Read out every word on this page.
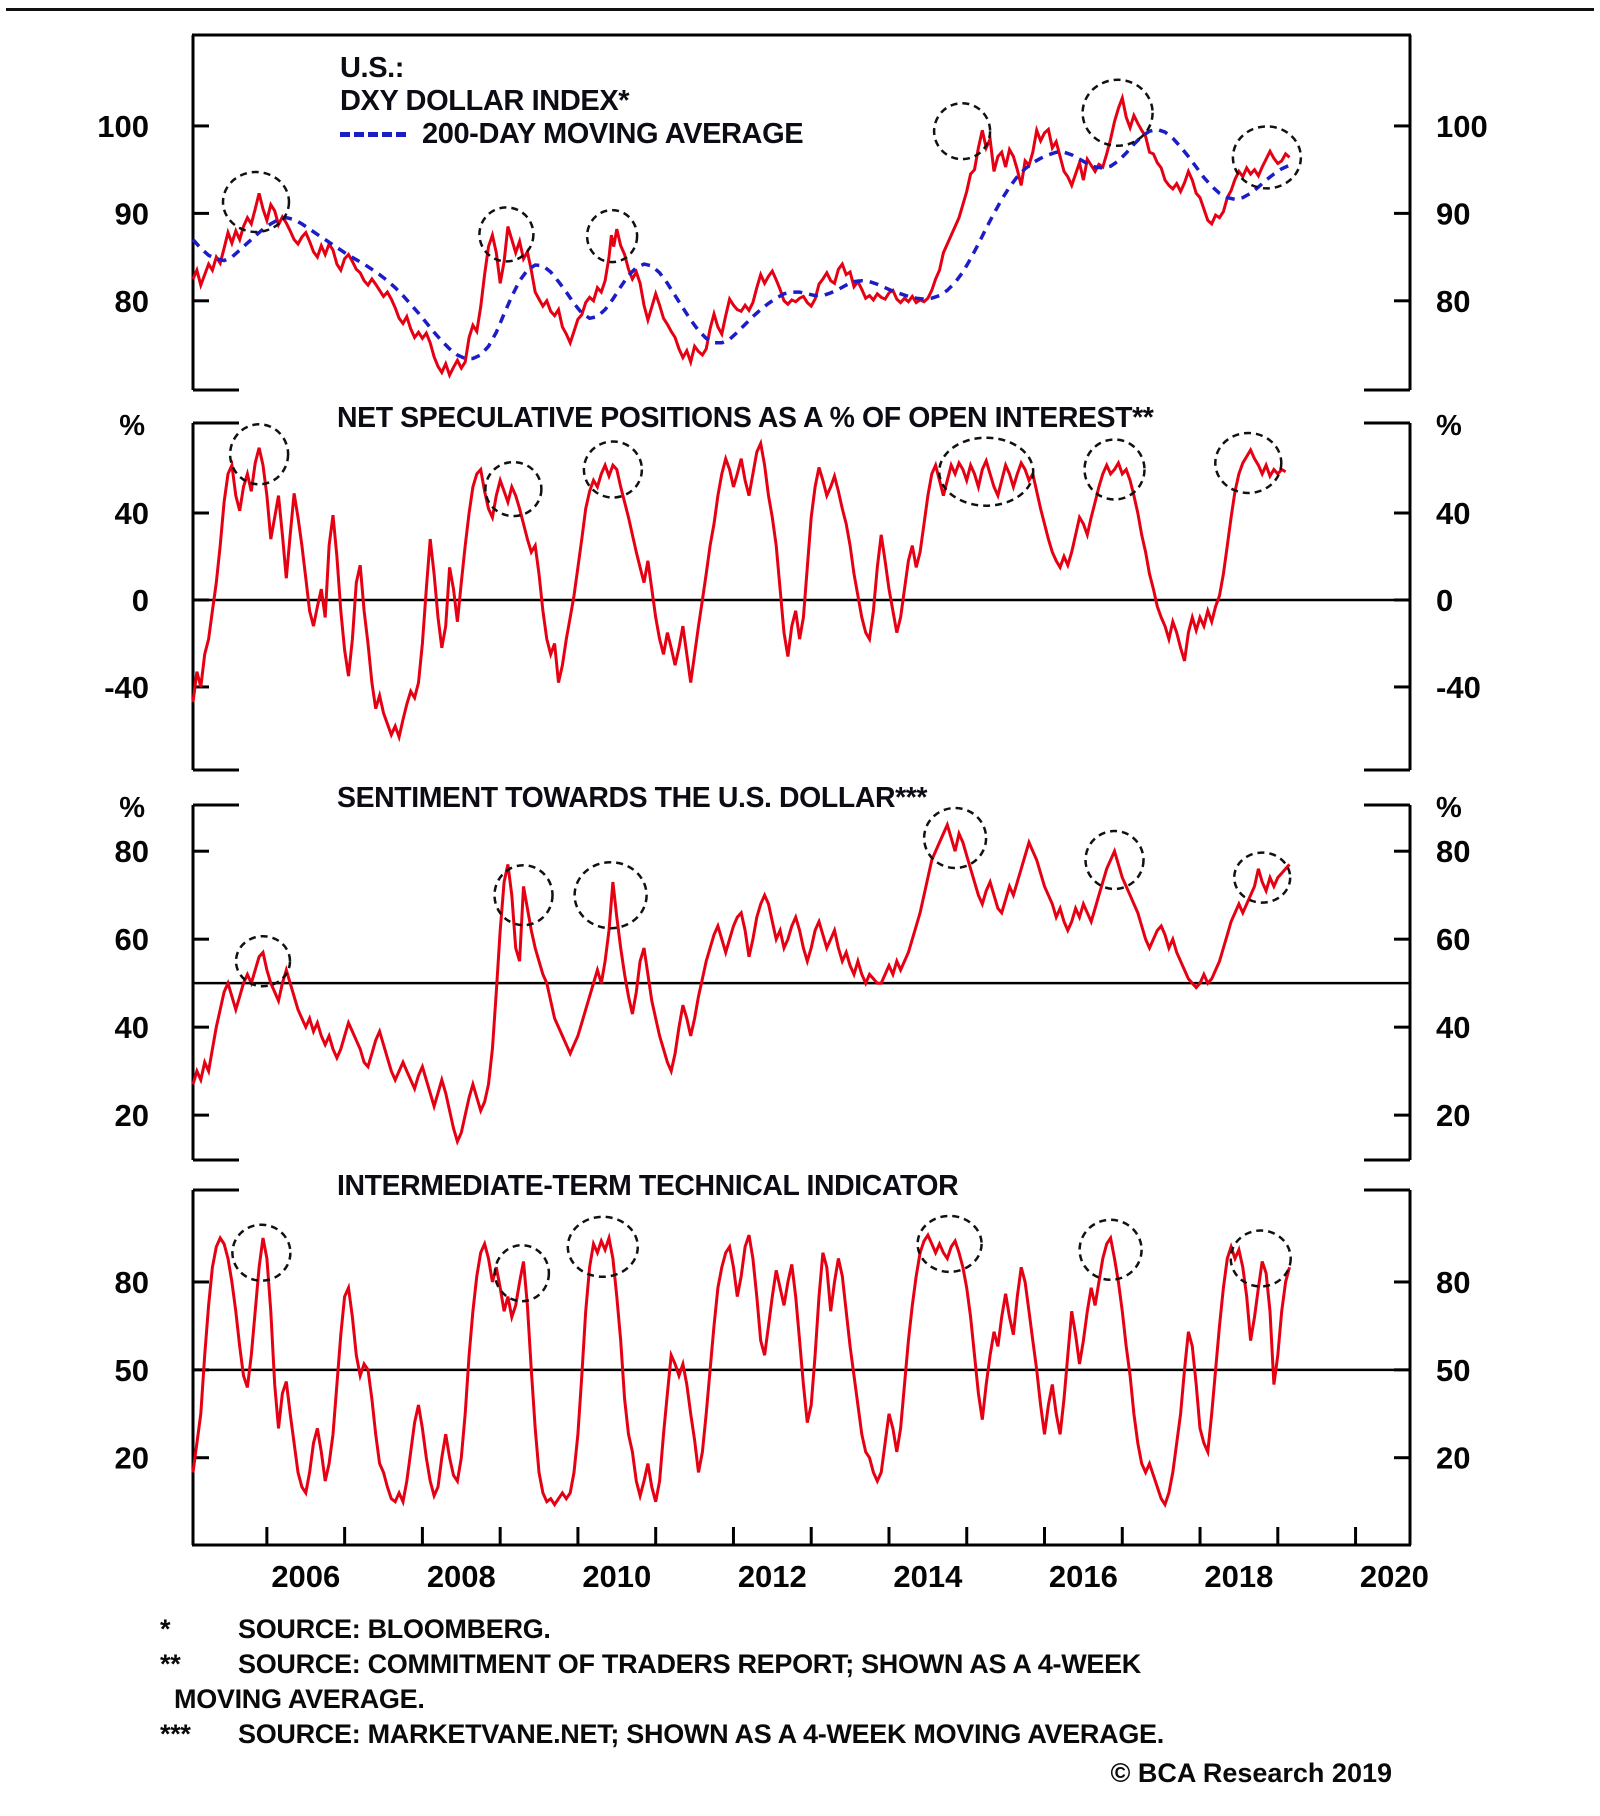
100	100
90	90
80	80
40	40
0	0
-40	-40
%	%
80	80
60	60
40	40
20	20
%	%
80	80
50	50
20	20
2006	2008	2010	2012	2014	2016	2018	2020
U.S.:
DXY DOLLAR INDEX*
200-DAY MOVING AVERAGE
NET SPECULATIVE POSITIONS AS A % OF OPEN INTEREST**
SENTIMENT TOWARDS THE U.S. DOLLAR***
INTERMEDIATE-TERM TECHNICAL INDICATOR
*	SOURCE: BLOOMBERG.
**	SOURCE: COMMITMENT OF TRADERS REPORT; SHOWN AS A 4-WEEK
MOVING AVERAGE.
***	SOURCE: MARKETVANE.NET; SHOWN AS A 4-WEEK MOVING AVERAGE.
© BCA Research 2019
